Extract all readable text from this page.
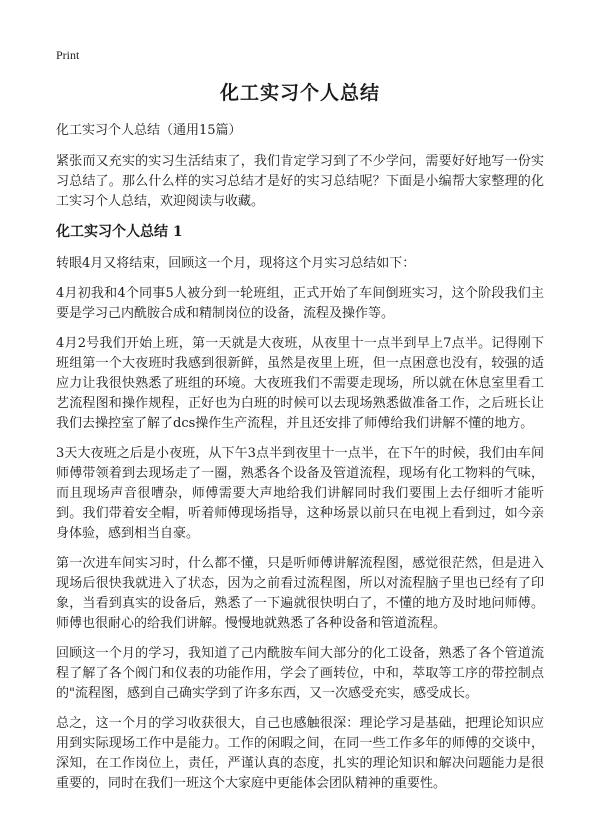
Print
化工实习个人总结
化工实习个人总结（通用15篇）

紧张而又充实的实习生活结束了，我们肯定学习到了不少学问，需要好好地写一份实习总结了。那么什么样的实习总结才是好的实习总结呢？下面是小编帮大家整理的化工实习个人总结，欢迎阅读与收藏。

化工实习个人总结 1

转眼4月又将结束，回顾这一个月，现将这个月实习总结如下：

4月初我和4个同事5人被分到一轮班组，正式开始了车间倒班实习，这个阶段我们主要是学习己内酰胺合成和精制岗位的设备，流程及操作等。

4月2号我们开始上班，第一天就是大夜班，从夜里十一点半到早上7点半。记得刚下班组第一个大夜班时我感到很新鲜，虽然是夜里上班，但一点困意也没有，较强的适应力让我很快熟悉了班组的环境。大夜班我们不需要走现场，所以就在休息室里看工艺流程图和操作规程，正好也为白班的时候可以去现场熟悉做准备工作，之后班长让我们去操控室了解了dcs操作生产流程，并且还安排了师傅给我们讲解不懂的地方。

3天大夜班之后是小夜班，从下午3点半到夜里十一点半，在下午的时候，我们由车间师傅带领着到去现场走了一圈，熟悉各个设备及管道流程，现场有化工物料的气味，而且现场声音很嘈杂，师傅需要大声地给我们讲解同时我们要围上去仔细听才能听到。我们带着安全帽，听着师傅现场指导，这种场景以前只在电视上看到过，如今亲身体验，感到相当自豪。

第一次进车间实习时，什么都不懂，只是听师傅讲解流程图，感觉很茫然，但是进入现场后很快我就进入了状态，因为之前看过流程图，所以对流程脑子里也已经有了印象，当看到真实的设备后，熟悉了一下遍就很快明白了，不懂的地方及时地问师傅。师傅也很耐心的给我们讲解。慢慢地就熟悉了各种设备和管道流程。

回顾这一个月的学习，我知道了己内酰胺车间大部分的化工设备，熟悉了各个管道流程了解了各个阀门和仪表的功能作用，学会了画转位，中和，萃取等工序的带控制点的"流程图，感到自己确实学到了许多东西，又一次感受充实，感受成长。

总之，这一个月的学习收获很大，自己也感触很深：理论学习是基础，把理论知识应用到实际现场工作中是能力。工作的闲暇之间，在同一些工作多年的师傅的交谈中，深知，在工作岗位上，责任，严谨认真的态度，扎实的理论知识和解决问题能力是很重要的，同时在我们一班这个大家庭中更能体会团队精神的重要性。
